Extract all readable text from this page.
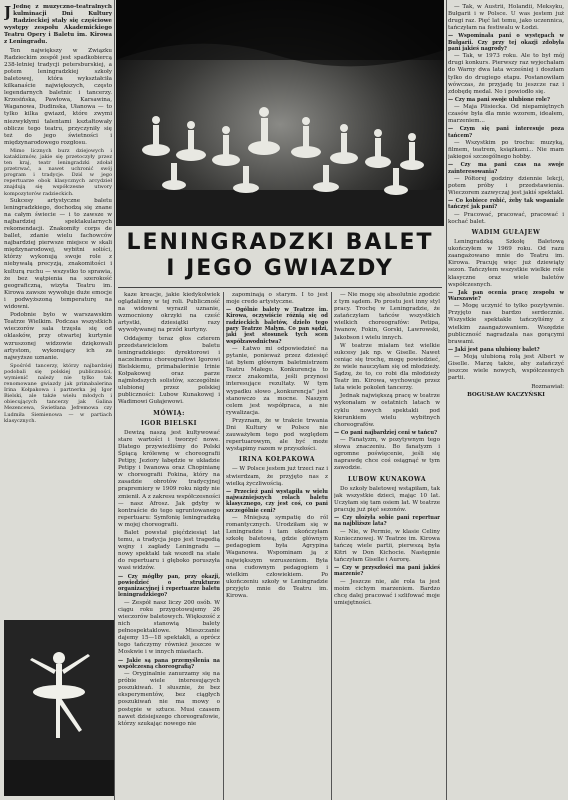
LENINGRADZKI BALET
I JEGO GWIAZDY

J Jednę z muzyczno-teatralnych kulminacji Dni Kultury Radzieckiej stały się częściowe występy zespołu Akademickiego Teatru Opery i Baletu im. Kirowa z Leningradu.

Ten największy w Związku Radzieckim zespół jest spadkobiercą 238-letniej tradycji petersburskiej, a potem leningradzkiej szkoły baletowej, która wykształciła kilkanaście największych, często legendarnych baletnic i tancerzy. Krzesińska, Pawłowa, Karsawina, Waganowa, Dudinska, Ułanowa — to tylko kilka gwiazd, które zwymi niezwykłymi talentami kształtowały oblicze tego teatru, przyczyniły się też do jego świetności i międzynarodowego rozgłosu.

Mimo licznych burz dziejowych i kataklizmów, jakie się przetoczyły przez ten kraj, teatr leningradzki zdołał przetrwać, a nawet uchronić swój program i tradycje. Dziś w jego repertuarze obok klasycznych arcydzieł znajdują się współczesne utwory kompozytorów radzieckich.

Sukcesy artystyczne baletu leningradzkiego, dochodzą się znane na całym świecie — i to zawsze w najbardziej spektakularnych rekomendacji. Znakomity corps de ballet, zdanie wielu fachowców najbardziej pierwsze miejsce w skali międzynarodowej, wybitni soliści, którzy wykonują swoje role z niebywałą precyzją, znakomitości i kulturą ruchu — wszystko to sprawia, że bez wątpienia na szerokość geograficzną, wizyta Teatru im. Kirowa zawsze wywołuje duże emocje i podwyższoną temperaturę na widowni.

Podobnie było w warszawskim Teatrze Wielkim. Podczas wszystkich wieczorów sala trzęsła się od oklasków, przy otwartej kurtynie wzruszonej widzowie dziękowali artystom, wykonujący ich za najwyższe uznanie.

Spośród tancerzy, którzy najbardziej podobali się polskiej publiczności, wymienić należy nie tylko tak renomowane gwiazdy jak primabalerina Irina Kołpakowa i partnerka jej Igor Bielski, ale także wielu młodych i obiecujących tancerzy jak Galina Mezencewa, Swietłana Jefremowa czy Ludmiła Siemienowa — w partiach klasycznych.

kaze kreacje, jakie kiedykolwiek oglądaliśmy w tej roli. Publiczność na widowni wyraził uznanie, wzmocniony okrzyki na cześć artystki, dziesiątki razy wywoływanej na przód kurtyny.

Oddajemy teraz głos czterem przedstawicielom baletu leningradzkiego: dyrektorowi i naczelnemu choreografowi Igorowi Bielskiemu, primabalerinie Irinie Kołpakowej oraz parze najmłodszych solistów, szczególnie ulubionej przez polskiej publiczności: Lubow Kunakowej i Wadimowi Gułajewowi.

MÓWIĄ:
IGOR BIELSKI

Dewizą naszą jest kultywować stare wartości i tworzyć nowe. Dlatego przywieźliśmy do Polski Śpiącą królewnę w choreografii Petipy, Jeziory łabędzie w układzie Petipy i Iwanowa oraz Chopinianę w choreografii Fokina, który na zasadzie obrotów tradycyjnej prapremiery w 1909 roku nigdy nie zmienił. A z zakresu współczesności — nasz Afrosz. Jak gdyby w kontraście do tego ugruntowanego repertuaru: Symfonię leningradzką w mojej choreografii.

Balet powstał pięćdziesiąt lat temu, a tradycja jego jest tragedią wojny i zagłady Leningradu — nowy spektakl tak wszedł na stałe do repertuaru i głęboko poruszyła wasi widzów.

— Czy mógłby pan, przy okazji, powiedzieć o strukturze organizacyjnej i repertuarze baletu leningradzkiego?

— Zespół nasz liczy 200 osób. W ciągu roku przygotowujemy 26 wieczorów baletowych. Większość z nich stanowią balety pełnospektaklowe. Mieszczanie dajemy 15—18 spektakli, a oprócz tego tańczymy również jeszcze w Moskwie i w innych miastach.

— Jakie są pana przemyślenia na współczesną choreografią?

— Oryginalnie zanurzamy się na próbie wiele interesujących poszukiwań. I słusznie, że bez eksperymentów, bez ciągłych poszukiwań nie ma mowy o postępie w sztuce. Musi czasem nawet dzisiejszego choreografowie, którzy szukając nowego nie

zapominają o starym. I to jest moje credo artystyczne.

— Ogólnie balety w Teatrze im. Kirowa, oczywiście różnią się od radzieckich baletów, dzieło tego pary Teatrze Małym. Co pan sądzi, jaki jest stosunek tych scen współzawodnictwa?

— Łatwo mi odpowiedzieć na pytanie, ponieważ przez dziesięć lat byłem głównym baletmistrzem Teatru Małego. Konkurencja to rzecz znakomita, jeśli przynosi interesujące rezultaty. W tym wypadku słowo „konkurencja” jest stanowczo za mocne. Naszym celem jest współpraca, a nie rywalizacja.

Przyznam, że w trakcie trwania Dni Kultury w Polsce nie zauważyłem tego pod względem repertuarowym, ale być może wystąpimy razem w przyszłości.

IRINA KOŁPAKOWA

— W Polsce jestem już trzeci raz i stwierdzam, że przyjęto nas z wielką życzliwością.

— Przecież pani wystąpiła w wielu najważniejszych rolach baletu klasycznego, czy jest coś, co pani szczególnie ceni?

— Mniejszą sympatię do ról romantycznych. Urodziłam się w Leningradzie i tam ukończyłam szkołę baletową, gdzie głównym pedagogiem była Agrypina Waganowa. Wspominam ją z największym wzruszeniem. Była ona cudownym pedagogiem i wielkim człowiekiem. Po ukończeniu szkoły w Leningradzie przyjęto mnie do Teatru im. Kirowa.

— Nie mogę się absolutnie zgodzić z tym sądem. Po prostu jest inny styl pracy. Trochę w Leningradzie, że zatańczyłam tańców wszystkich wielkich choreografów: Petipa, Iwanow, Fokin, Gorski, Lawrowski, Jakobson i wielu innych.

W teatrze miałam też wielkie sukcesy jak np. w Giselle. Nawet ceniąc się trochę, mogę powiedzieć, że wiele nauczyłam się od młodzieży. Sądzę, że to, co robi dla młodzieży Teatr im. Kirowa, wychowuje przez lata wiele pokoleń tancerzy.

Jednak największą pracę w teatrze wykonałam w ostatnich latach w cyklu nowych spektakli pod kierunkiem wielu wybitnych choreografów.

— Co pani najbardziej ceni w tańcu?

— Fanatyzm, w pozytywnym tego słowa znaczeniu. Bo fanatyzm i ogromne poświęcenie, jeśli się naprawdę chce coś osiągnąć w tym zawodzie.

LUBOW KUNAKOWA

Do szkoły baletowej wstąpiłam, tak jak wszystkie dzieci, mając 10 lat. Uczyłam się tam osiem lat. W teatrze pracuję już pięć sezonów.

— Czy ułożyła sobie pani repertuar na najbliższe lata?

— Nie, w Permie, w klasie Celiny Kuniecznowej. W Teatrze im. Kirowa tańczę wiele partii, pierwszą była Kitri w Don Kichocie. Następnie tańczyłam Giselle i Aurorę.

— Czy w przyszłości ma pani jakieś marzenie?

— Jeszcze nie, ale rola ta jest moim cichym marzeniem. Bardzo chcę dalej pracować i szlifować moje umiejętności.

— Tak, w Austrii, Holandii, Meksyku, Bułgarii i w Polsce. U was jestem już drugi raz. Pięć lat temu, jako uczennica, tańczyłam na festiwalu w Łodzi.

— Wspominała pani o występach w Bułgarii. Czy przy tej okazji zdobyła pani jakieś nagrody?

— Tak, w 1973 roku. Ale to był mój drugi konkurs. Pierwszy raz wyjechałam do Warny dwa lata wcześniej i doszłam tylko do drugiego etapu. Postanowiłam wówczas, że przyjadę tu jeszcze raz i zdobędę medal. No i powiodło się.

— Czy ma pani swoje ulubione role?

— Maja Plisiecka. Od niepamiętnych czasów była dla mnie wzorem, ideałem, marzeniem...

— Czym się pani interesuje poza tańcem?

— Wszystkim po trochu: muzyką, filmem, teatrem, książkami... Nie mam jakiegoś szczególnego hobby.

— Czy ma pani czas na swoje zainteresowania?

— Półtorej godziny dziennie lekcji, potem próby i przedstawienia. Wieczorem zazwyczaj jest jakiś spektakl.

— Co kobiece robić, żeby tak wspaniale tańczyć jak pani?

— Pracować, pracować, pracować i kochać balet.

WADIM GUŁAJEW

Leningradzką Szkołę Baletową ukończyłem w 1969 roku. Od razu zaangażowano mnie do Teatru im. Kirowa. Pracuję więc już dziewiąty sezon. Tańczyłem wszystkie wielkie role klasyczne oraz wiele baletów współczesnych.

— Jak pan ocenia pracę zespołu w Warszawie?

— Mogę uczynić to tylko pozytywnie. Przyjęto nas bardzo serdecznie. Wszystkie spektakle tańczyliśmy z wielkim zaangażowaniem. Wszędzie publiczność nagradzała nas gorącymi brawami.

— Jaki jest pana ulubiony balet?

— Moją ulubioną rolą jest Albert w Giselle. Marzę także, aby zatańczyć jeszcze wiele nowych, współczesnych partii.

Rozmawiał:

BOGUSŁAW KACZYŃSKI
